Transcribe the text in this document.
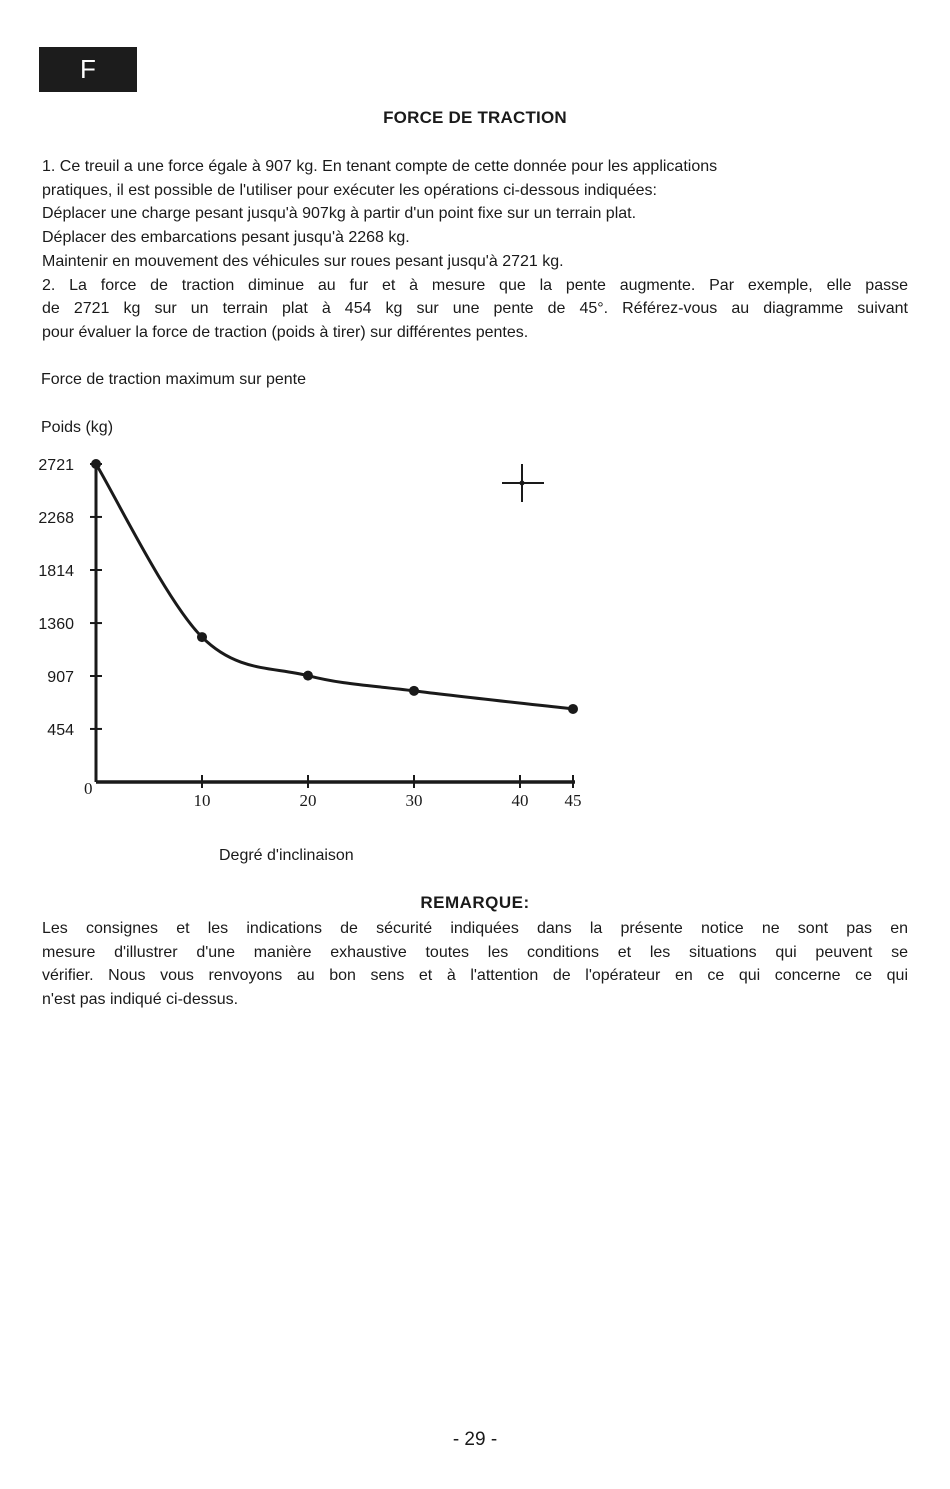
F
FORCE DE TRACTION
1. Ce treuil a une force égale à 907 kg. En tenant compte de cette donnée pour les applications
pratiques, il est possible de l'utiliser pour exécuter les opérations ci-dessous indiquées:
Déplacer une charge pesant jusqu'à 907kg à partir d'un point fixe sur un terrain plat.
Déplacer des embarcations pesant jusqu'à 2268 kg.
Maintenir en mouvement des véhicules sur roues pesant jusqu'à 2721 kg.
2. La force de traction diminue au fur et à mesure que la pente augmente. Par exemple, elle passe
de 2721 kg sur un terrain plat à 454 kg sur une pente de 45°. Référez-vous au diagramme suivant
pour évaluer la force de traction (poids à tirer) sur différentes pentes.
Force de traction maximum sur pente
Poids (kg)
0
454
907
1360
1814
2268
2721
10	20	30	40 45
Degré d'inclinaison
REMARQUE:
Les consignes et les indications de sécurité indiquées dans la présente notice ne sont pas en
mesure d'illustrer d'une manière exhaustive toutes les conditions et les situations qui peuvent se
vérifier. Nous vous renvoyons au bon sens et à l'attention de l'opérateur en ce qui concerne ce qui
n'est pas indiqué ci-dessus.
- 29 -
